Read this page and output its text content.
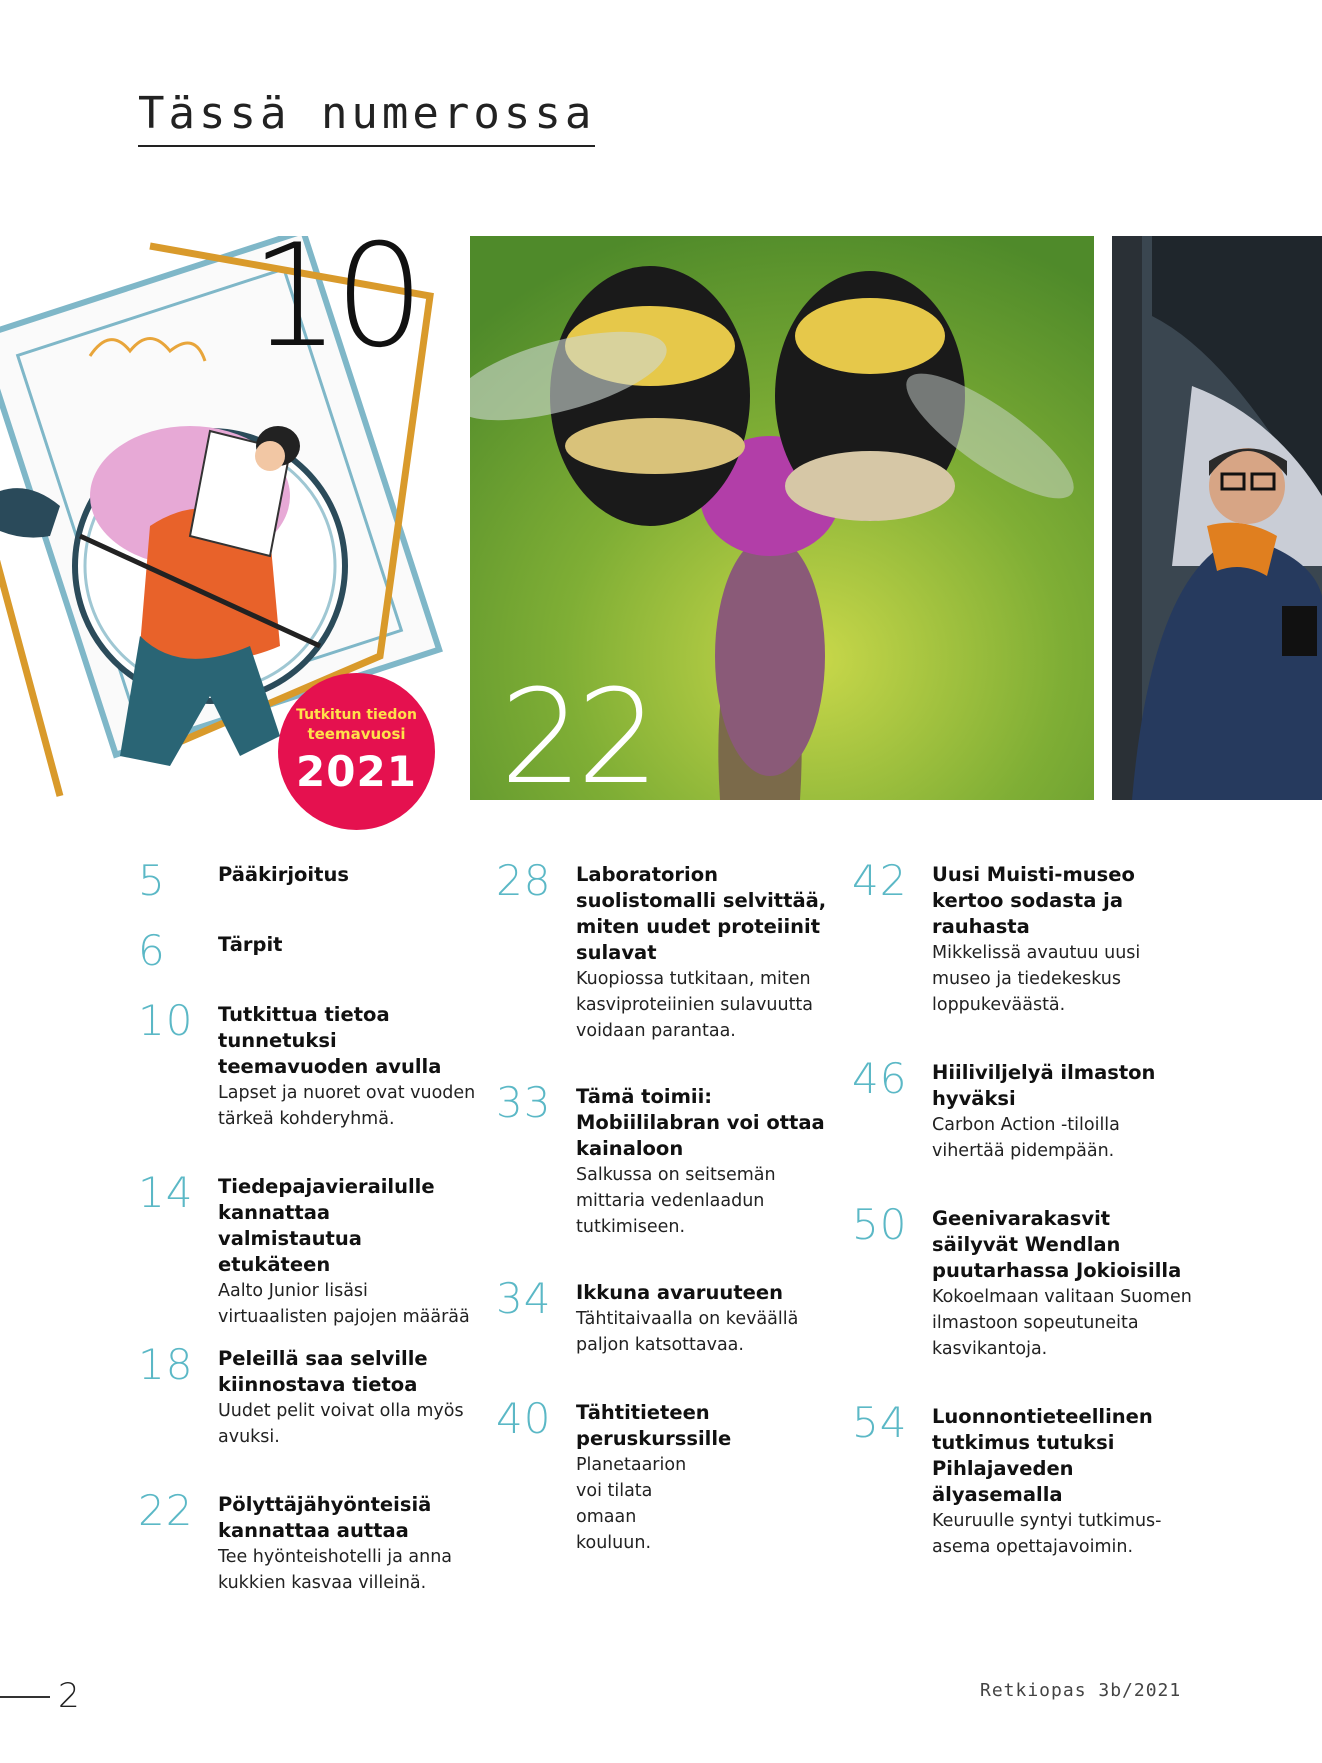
Tässä numerossa
10
22
Tutkitun tiedon
teemavuosi
2021
5	Pääkirjoitus
6	Tärpit
10	Tutkittua tietoa tunnetuksi teemavuoden avulla
Lapset ja nuoret ovat vuoden tärkeä kohderyhmä.
14	Tiedepajavierailulle kannattaa valmistautua etukäteen
Aalto Junior lisäsi virtuaalisten pajojen määrää
18	Peleillä saa selville kiinnostava tietoa
Uudet pelit voivat olla myös avuksi.
22	Pölyttäjähyönteisiä kannattaa auttaa
Tee hyönteishotelli ja anna kukkien kasvaa villeinä.
28	Laboratorion suolistomalli selvittää, miten uudet proteiinit sulavat
Kuopiossa tutkitaan, miten kasviproteiinien sulavuutta voidaan parantaa.
33	Tämä toimii: Mobiililabran voi ottaa kainaloon
Salkussa on seitsemän mittaria vedenlaadun tutkimiseen.
34	Ikkuna avaruuteen
Tähtitaivaalla on keväällä paljon katsottavaa.
40	Tähtitieteen peruskurssille
Planetaarion voi tilata omaan kouluun.
42	Uusi Muisti-museo kertoo sodasta ja rauhasta
Mikkelissä avautuu uusi museo ja tiedekeskus loppukeväästä.
46	Hiiliviljelyä ilmaston hyväksi
Carbon Action -tiloilla vihertää pidempään.
50	Geenivarakasvit säilyvät Wendlan puutarhassa Jokioisilla
Kokoelmaan valitaan Suomen ilmastoon sopeutuneita kasvikantoja.
54	Luonnontieteellinen tutkimus tutuksi Pihlajaveden älyasemalla
Keuruulle syntyi tutkimus-asema opettajavoimin.
2	Retkiopas 3b/2021
